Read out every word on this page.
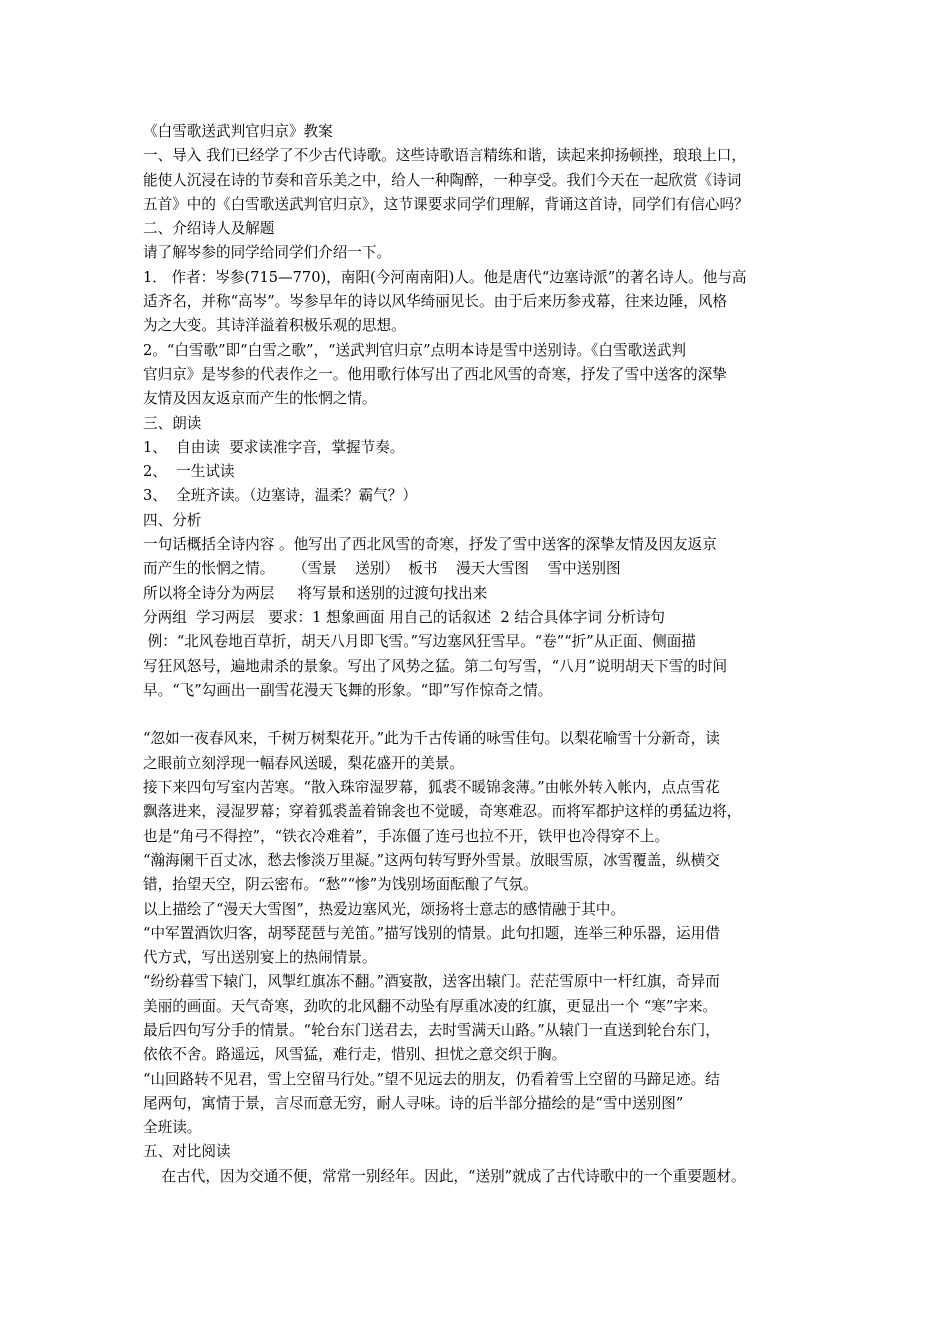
《白雪歌送武判官归京》教案
一、导入 我们已经学了不少古代诗歌。这些诗歌语言精练和谐，读起来抑扬顿挫，琅琅上口，
能使人沉浸在诗的节奏和音乐美之中，给人一种陶醉，一种享受。我们今天在一起欣赏《诗词
五首》中的《白雪歌送武判官归京》，这节课要求同学们理解，背诵这首诗，同学们有信心吗？
二、介绍诗人及解题
请了解岑参的同学给同学们介绍一下。
1． 作者：岑参(715—770)，南阳(今河南南阳)人。他是唐代“边塞诗派”的著名诗人。他与高
适齐名，并称“高岑”。岑参早年的诗以风华绮丽见长。由于后来历参戎幕，往来边陲，风格
为之大变。其诗洋溢着积极乐观的思想。
2。“白雪歌”即“白雪之歌”，“送武判官归京”点明本诗是雪中送别诗。《白雪歌送武判
官归京》是岑参的代表作之一。他用歌行体写出了西北风雪的奇寒，抒发了雪中送客的深挚
友情及因友返京而产生的怅惘之情。
三、朗读
1、  自由读  要求读准字音，掌握节奏。
2、  一生试读
3、  全班齐读。（边塞诗，温柔？霸气？）
四、分析
一句话概括全诗内容 。他写出了西北风雪的奇寒，抒发了雪中送客的深挚友情及因友返京
而产生的怅惘之情。    （雪景    送别）  板书    漫天大雪图    雪中送别图
所以将全诗分为两层     将写景和送别的过渡句找出来
分两组  学习两层   要求：1 想象画面 用自己的话叙述  2 结合具体字词 分析诗句
例：“北风卷地百草折，胡天八月即飞雪。”写边塞风狂雪早。“卷”“折”从正面、侧面描
写狂风怒号，遍地肃杀的景象。写出了风势之猛。第二句写雪，“八月”说明胡天下雪的时间
早。“飞”勾画出一副雪花漫天飞舞的形象。“即”写作惊奇之情。
“忽如一夜春风来，千树万树梨花开。”此为千古传诵的咏雪佳句。以梨花喻雪十分新奇，读
之眼前立刻浮现一幅春风送暖，梨花盛开的美景。
接下来四句写室内苦寒。“散入珠帘湿罗幕，狐裘不暖锦衾薄。”由帐外转入帐内，点点雪花
飘落进来，浸湿罗幕；穿着狐裘盖着锦衾也不觉暖，奇寒难忍。而将军都护这样的勇猛边将，
也是“角弓不得控”，“铁衣冷难着”，手冻僵了连弓也拉不开，铁甲也冷得穿不上。
“瀚海阑干百丈冰，愁去惨淡万里凝。”这两句转写野外雪景。放眼雪原，冰雪覆盖，纵横交
错，抬望天空，阴云密布。“愁”“惨”为饯别场面酝酿了气氛。
以上描绘了“漫天大雪图”，热爱边塞风光，颂扬将士意志的感情融于其中。
“中军置酒饮归客，胡琴琵琶与羌笛。”描写饯别的情景。此句扣题，连举三种乐器，运用借
代方式，写出送别宴上的热闹情景。
“纷纷暮雪下辕门，风掣红旗冻不翻。”酒宴散，送客出辕门。茫茫雪原中一杆红旗，奇异而
美丽的画面。天气奇寒，劲吹的北风翻不动坠有厚重冰凌的红旗，更显出一个 “寒”字来。
最后四句写分手的情景。“轮台东门送君去，去时雪满天山路。”从辕门一直送到轮台东门，
依依不舍。路遥远，风雪猛，难行走，惜别、担忧之意交织于胸。
“山回路转不见君，雪上空留马行处。”望不见远去的朋友，仍看着雪上空留的马蹄足迹。结
尾两句，寓情于景，言尽而意无穷，耐人寻味。诗的后半部分描绘的是“雪中送别图”
全班读。
五、对比阅读
在古代，因为交通不便，常常一别经年。因此，“送别”就成了古代诗歌中的一个重要题材。
